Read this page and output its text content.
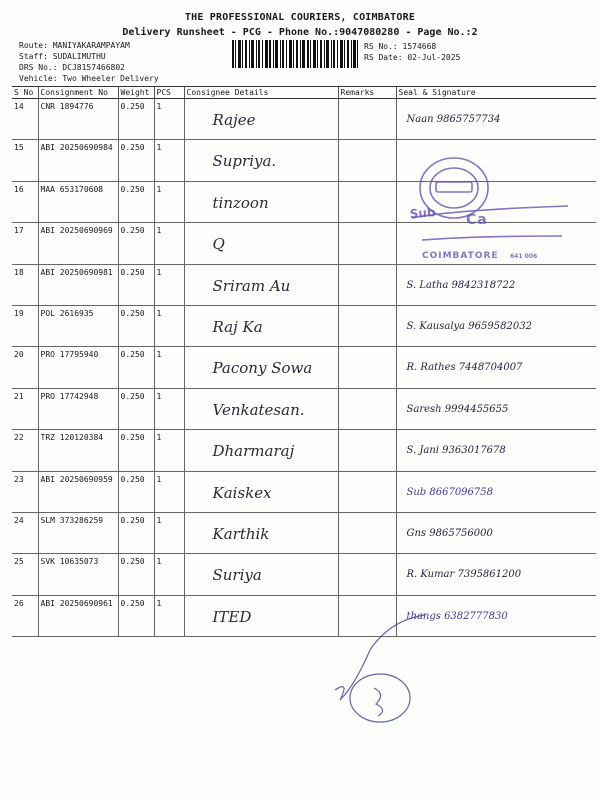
THE PROFESSIONAL COURIERS, COIMBATORE
Delivery Runsheet - PCG - Phone No.:9047080280 - Page No.:2
Route: MANIYAKARAMPAYAM
Staff: SUDALIMUTHU
DRS No.: DCJ8157466802
Vehicle: Two Wheeler Delivery
RS No.: 1574668
RS Date: 02-Jul-2025
S No	Consignment No	Weight	PCS	Consignee Details	Remarks	Seal & Signature
14	CNR 1894776	0.250	1	Rajee		Naan 9865757734

15	ABI 20250690984	0.250	1	Supriya.		

16	MAA 653170608	0.250	1	tinzoon		

17	ABI 20250690969	0.250	1	Q		

18	ABI 20250690981	0.250	1	Sriram Au		S. Latha 9842318722

19	POL 2616935	0.250	1	Raj Ka		S. Kausalya 9659582032

20	PRO 17795940	0.250	1	Pacony Sowa		R. Rathes 7448704007

21	PRO 17742948	0.250	1	Venkatesan.		Saresh 9994455655

22	TRZ 120120384	0.250	1	Dharmaraj		S. Jani 9363017678

23	ABI 20250690959	0.250	1	Kaiskex		Sub 8667096758

24	SLM 373286259	0.250	1	Karthik		Gns 9865756000

25	SVK 10635073	0.250	1	Suriya		R. Kumar 7395861200

26	ABI 20250690961	0.250	1	ITED		thangs 6382777830
Sub Ca
COIMBATORE 641 006
